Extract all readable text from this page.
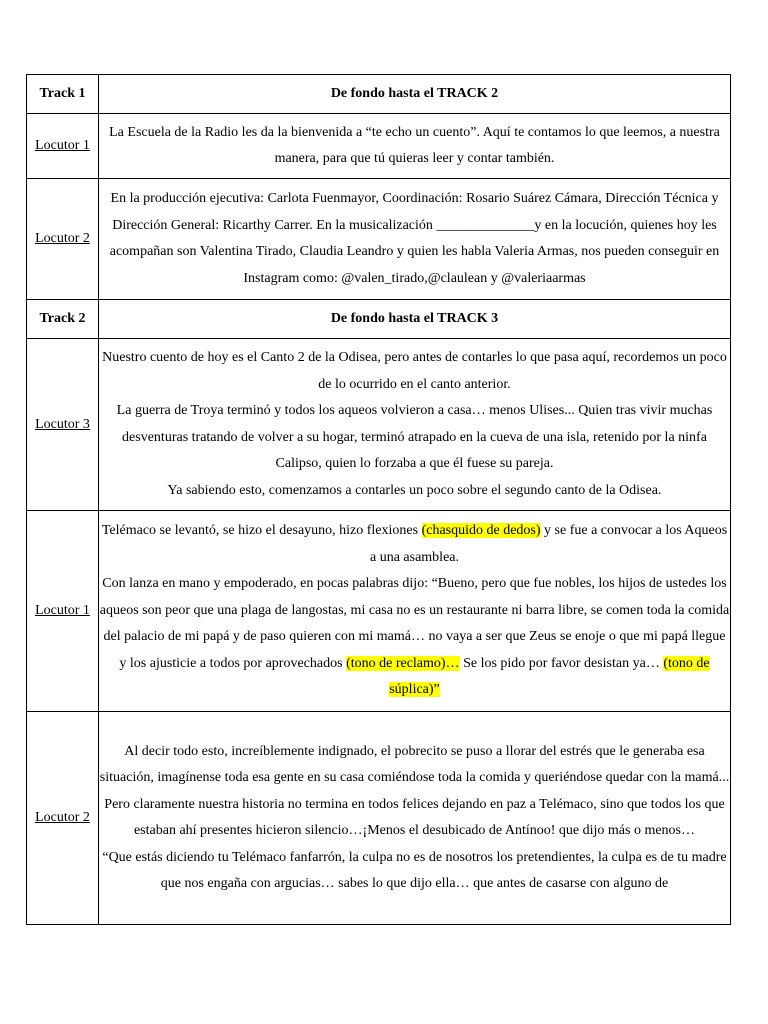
Track 1	De fondo hasta el TRACK 2
Locutor 1	La Escuela de la Radio les da la bienvenida a “te echo un cuento”. Aquí te contamos lo que leemos, a nuestra manera, para que tú quieras leer y contar también.

Locutor 2	En la producción ejecutiva: Carlota Fuenmayor, Coordinación: Rosario Suárez Cámara, Dirección Técnica y Dirección General: Ricarthy Carrer. En la musicalización ______________y en la locución, quienes hoy les acompañan son Valentina Tirado, Claudia Leandro y quien les habla Valeria Armas, nos pueden conseguir en Instagram como: @valen_tirado,@claulean y @valeriaarmas

Track 2	De fondo hasta el TRACK 3
Locutor 3	Nuestro cuento de hoy es el Canto 2 de la Odisea, pero antes de contarles lo que pasa aquí, recordemos un poco de lo ocurrido en el canto anterior.

La guerra de Troya terminó y todos los aqueos volvieron a casa… menos Ulises... Quien tras vivir muchas desventuras tratando de volver a su hogar, terminó atrapado en la cueva de una isla, retenido por la ninfa Calipso, quien lo forzaba a que él fuese su pareja.

Ya sabiendo esto, comenzamos a contarles un poco sobre el segundo canto de la Odisea.

Locutor 1	Telémaco se levantó, se hizo el desayuno, hizo flexiones (chasquido de dedos) y se fue a convocar a los Aqueos a una asamblea.

Con lanza en mano y empoderado, en pocas palabras dijo: “Bueno, pero que fue nobles, los hijos de ustedes los aqueos son peor que una plaga de langostas, mi casa no es un restaurante ni barra libre, se comen toda la comida del palacio de mi papá y de paso quieren con mi mamá… no vaya a ser que Zeus se enoje o que mi papá llegue y los ajusticie a todos por aprovechados (tono de reclamo)… Se los pido por favor desistan ya… (tono de súplica)”

Locutor 2	Al decir todo esto, increíblemente indignado, el pobrecito se puso a llorar del estrés que le generaba esa situación, imagínense toda esa gente en su casa comiéndose toda la comida y queriéndose quedar con la mamá... Pero claramente nuestra historia no termina en todos felices dejando en paz a Telémaco, sino que todos los que estaban ahí presentes hicieron silencio…¡Menos el desubicado de Antínoo! que dijo más o menos…

“Que estás diciendo tu Telémaco fanfarrón, la culpa no es de nosotros los pretendientes, la culpa es de tu madre que nos engaña con argucias… sabes lo que dijo ella… que antes de casarse con alguno de
